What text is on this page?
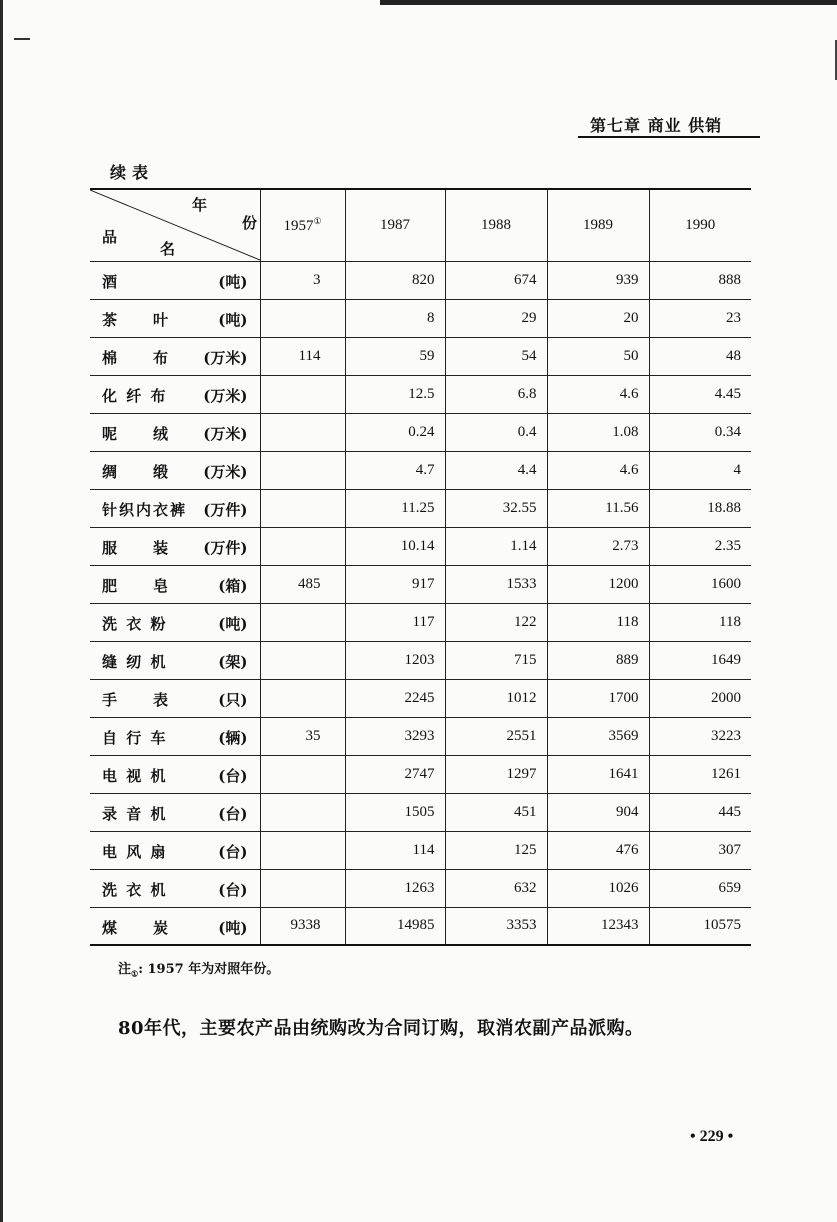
第七章 商业 供销
续表
年
份
品
名	1957①	1987	1988	1989	1990

酒 (吨)	3	820	674	939	888

茶　　叶 (吨)		8	29	20	23

棉　　布 (万米)	114	59	54	50	48

化 纤 布 (万米)		12.5	6.8	4.6	4.45

呢　　绒 (万米)		0.24	0.4	1.08	0.34

绸　　缎 (万米)		4.7	4.4	4.6	4

针织内衣裤 (万件)		11.25	32.55	11.56	18.88

服　　装 (万件)		10.14	1.14	2.73	2.35

肥　　皂 (箱)	485	917	1533	1200	1600

洗 衣 粉 (吨)		117	122	118	118

缝 纫 机 (架)		1203	715	889	1649

手　　表 (只)		2245	1012	1700	2000

自 行 车 (辆)	35	3293	2551	3569	3223

电 视 机 (台)		2747	1297	1641	1261

录 音 机 (台)		1505	451	904	445

电 风 扇 (台)		114	125	476	307

洗 衣 机 (台)		1263	632	1026	659

煤　　炭 (吨)	9338	14985	3353	12343	10575
注$_①$: 1957 年为对照年份。
80年代，主要农产品由统购改为合同订购，取消农副产品派购。
• 229 •
